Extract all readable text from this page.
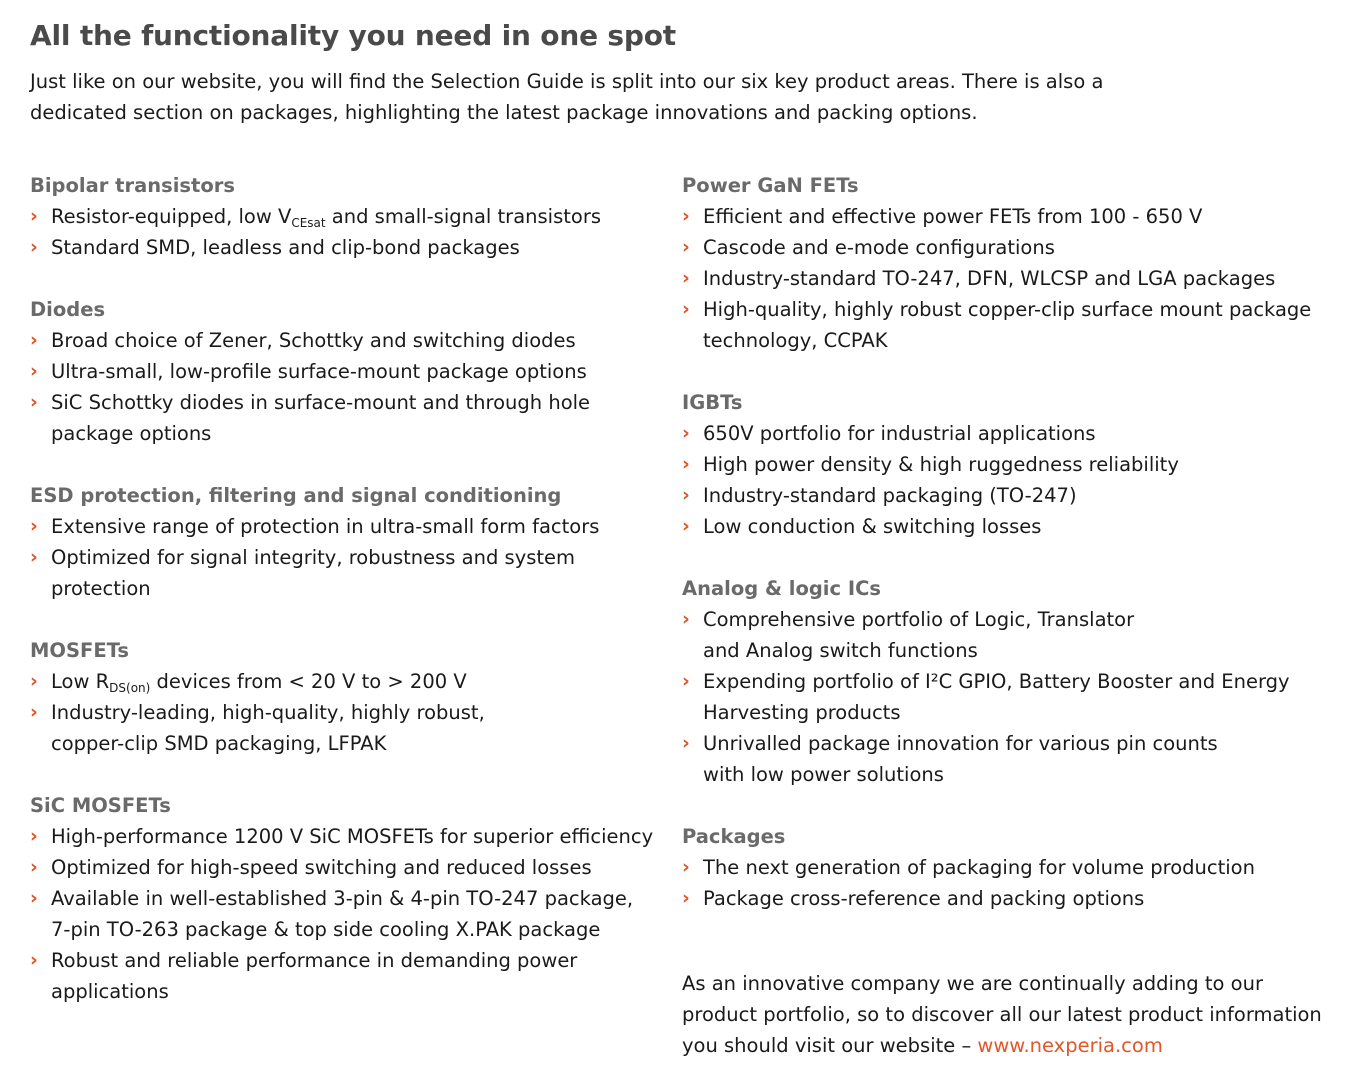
All the functionality you need in one spot

Just like on our website, you will find the Selection Guide is split into our six key product areas. There is also a dedicated section on packages, highlighting the latest package innovations and packing options.

Bipolar transistors
› Resistor-equipped, low $V_{CEsat}$ and small-signal transistors
› Standard SMD, leadless and clip-bond packages
Diodes
› Broad choice of Zener, Schottky and switching diodes
› Ultra-small, low-profile surface-mount package options
› SiC Schottky diodes in surface-mount and through hole package options
ESD protection, filtering and signal conditioning
› Extensive range of protection in ultra-small form factors
› Optimized for signal integrity, robustness and system protection
MOSFETs
› Low $R_{DS(on)}$ devices from < 20 V to > 200 V
› Industry-leading, high-quality, highly robust,
copper-clip SMD packaging, LFPAK
SiC MOSFETs
› High-performance 1200 V SiC MOSFETs for superior efficiency
› Optimized for high-speed switching and reduced losses
› Available in well-established 3-pin & 4-pin TO-247 package,
7-pin TO-263 package & top side cooling X.PAK package
› Robust and reliable performance in demanding power applications
Power GaN FETs
› Efficient and effective power FETs from 100 - 650 V
› Cascode and e-mode configurations
› Industry-standard TO-247, DFN, WLCSP and LGA packages
› High-quality, highly robust copper-clip surface mount package technology, CCPAK
IGBTs
› 650V portfolio for industrial applications
› High power density & high ruggedness reliability
› Industry-standard packaging (TO-247)
› Low conduction & switching losses
Analog & logic ICs
› Comprehensive portfolio of Logic, Translator
and Analog switch functions
› Expending portfolio of I²C GPIO, Battery Booster and Energy Harvesting products
› Unrivalled package innovation for various pin counts
with low power solutions
Packages
› The next generation of packaging for volume production
› Package cross-reference and packing options
As an innovative company we are continually adding to our product portfolio, so to discover all our latest product information you should visit our website – www.nexperia.com
